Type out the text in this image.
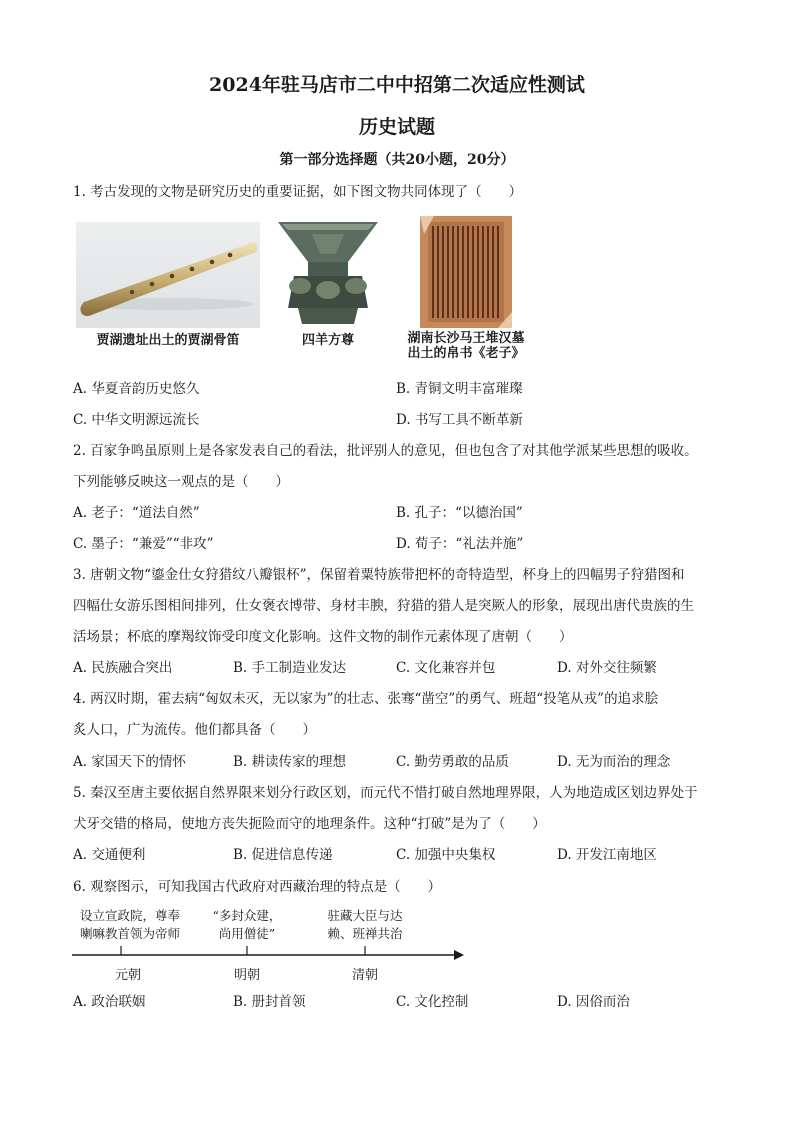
2024年驻马店市二中中招第二次适应性测试
历史试题
第一部分选择题（共20小题，20分）
1. 考古发现的文物是研究历史的重要证据，如下图文物共同体现了（　　）
贾湖遗址出土的贾湖骨笛	四羊方尊	湖南长沙马王堆汉墓
出土的帛书《老子》
A. 华夏音韵历史悠久	B. 青铜文明丰富璀璨
C. 中华文明源远流长	D. 书写工具不断革新
2. 百家争鸣虽原则上是各家发表自己的看法，批评别人的意见，但也包含了对其他学派某些思想的吸收。
下列能够反映这一观点的是（　　）
A. 老子：“道法自然”	B. 孔子：“以德治国”
C. 墨子：“兼爱”“非攻”	D. 荀子：“礼法并施”
3. 唐朝文物“鎏金仕女狩猎纹八瓣银杯”，保留着粟特族带把杯的奇特造型，杯身上的四幅男子狩猎图和
四幅仕女游乐图相间排列，仕女褒衣博带、身材丰腴，狩猎的猎人是突厥人的形象，展现出唐代贵族的生
活场景；杯底的摩羯纹饰受印度文化影响。这件文物的制作元素体现了唐朝（　　）
A. 民族融合突出	B. 手工制造业发达	C. 文化兼容并包	D. 对外交往频繁
4. 两汉时期，霍去病“匈奴未灭，无以家为”的壮志、张骞“凿空”的勇气、班超“投笔从戎”的追求脍
炙人口，广为流传。他们都具备（　　）
A. 家国天下的情怀	B. 耕读传家的理想	C. 勤劳勇敢的品质	D. 无为而治的理念
5. 秦汉至唐主要依据自然界限来划分行政区划，而元代不惜打破自然地理界限，人为地造成区划边界处于
犬牙交错的格局，使地方丧失扼险而守的地理条件。这种“打破”是为了（　　）
A. 交通便利	B. 促进信息传递	C. 加强中央集权	D. 开发江南地区
6. 观察图示，可知我国古代政府对西藏治理的特点是（　　）
设立宣政院，尊奉
喇嘛教首领为帝师
“多封众建，
尚用僧徒”
驻藏大臣与达
赖、班禅共治
元朝	明朝	清朝
A. 政治联姻	B. 册封首领	C. 文化控制	D. 因俗而治
